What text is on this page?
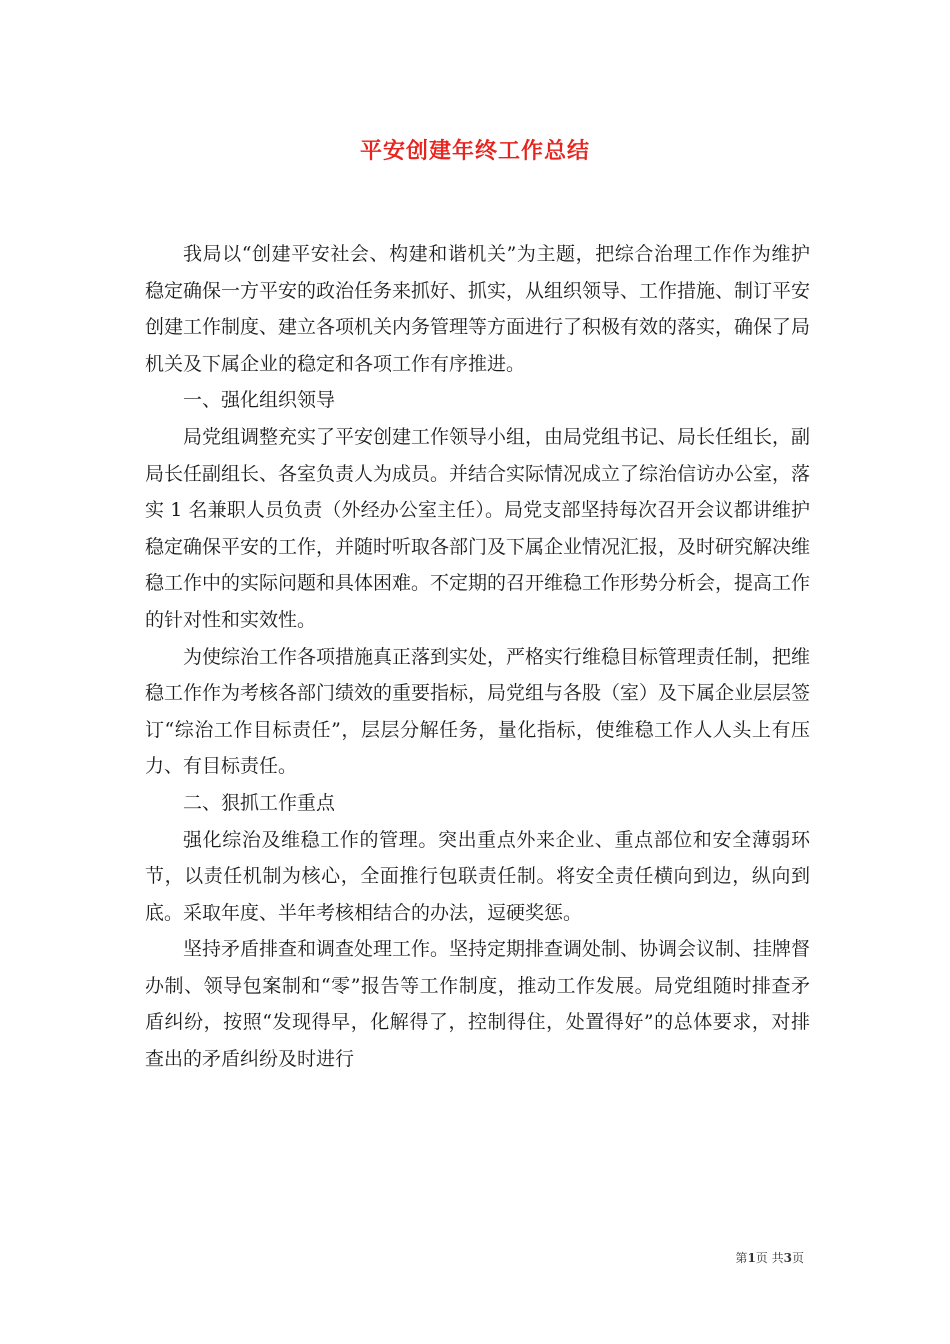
平安创建年终工作总结

我局以“创建平安社会、构建和谐机关”为主题，把综合治理工作作为维护稳定确保一方平安的政治任务来抓好、抓实，从组织领导、工作措施、制订平安创建工作制度、建立各项机关内务管理等方面进行了积极有效的落实，确保了局机关及下属企业的稳定和各项工作有序推进。

一、强化组织领导

局党组调整充实了平安创建工作领导小组，由局党组书记、局长任组长，副局长任副组长、各室负责人为成员。并结合实际情况成立了综治信访办公室，落实 1 名兼职人员负责（外经办公室主任）。局党支部坚持每次召开会议都讲维护稳定确保平安的工作，并随时听取各部门及下属企业情况汇报，及时研究解决维稳工作中的实际问题和具体困难。不定期的召开维稳工作形势分析会，提高工作的针对性和实效性。

为使综治工作各项措施真正落到实处，严格实行维稳目标管理责任制，把维稳工作作为考核各部门绩效的重要指标，局党组与各股（室）及下属企业层层签订“综治工作目标责任”，层层分解任务，量化指标，使维稳工作人人头上有压力、有目标责任。

二、狠抓工作重点

强化综治及维稳工作的管理。突出重点外来企业、重点部位和安全薄弱环节，以责任机制为核心，全面推行包联责任制。将安全责任横向到边，纵向到底。采取年度、半年考核相结合的办法，逗硬奖惩。

坚持矛盾排查和调查处理工作。坚持定期排查调处制、协调会议制、挂牌督办制、领导包案制和“零”报告等工作制度，推动工作发展。局党组随时排查矛盾纠纷，按照“发现得早，化解得了，控制得住，处置得好”的总体要求，对排查出的矛盾纠纷及时进行

第1页 共3页
